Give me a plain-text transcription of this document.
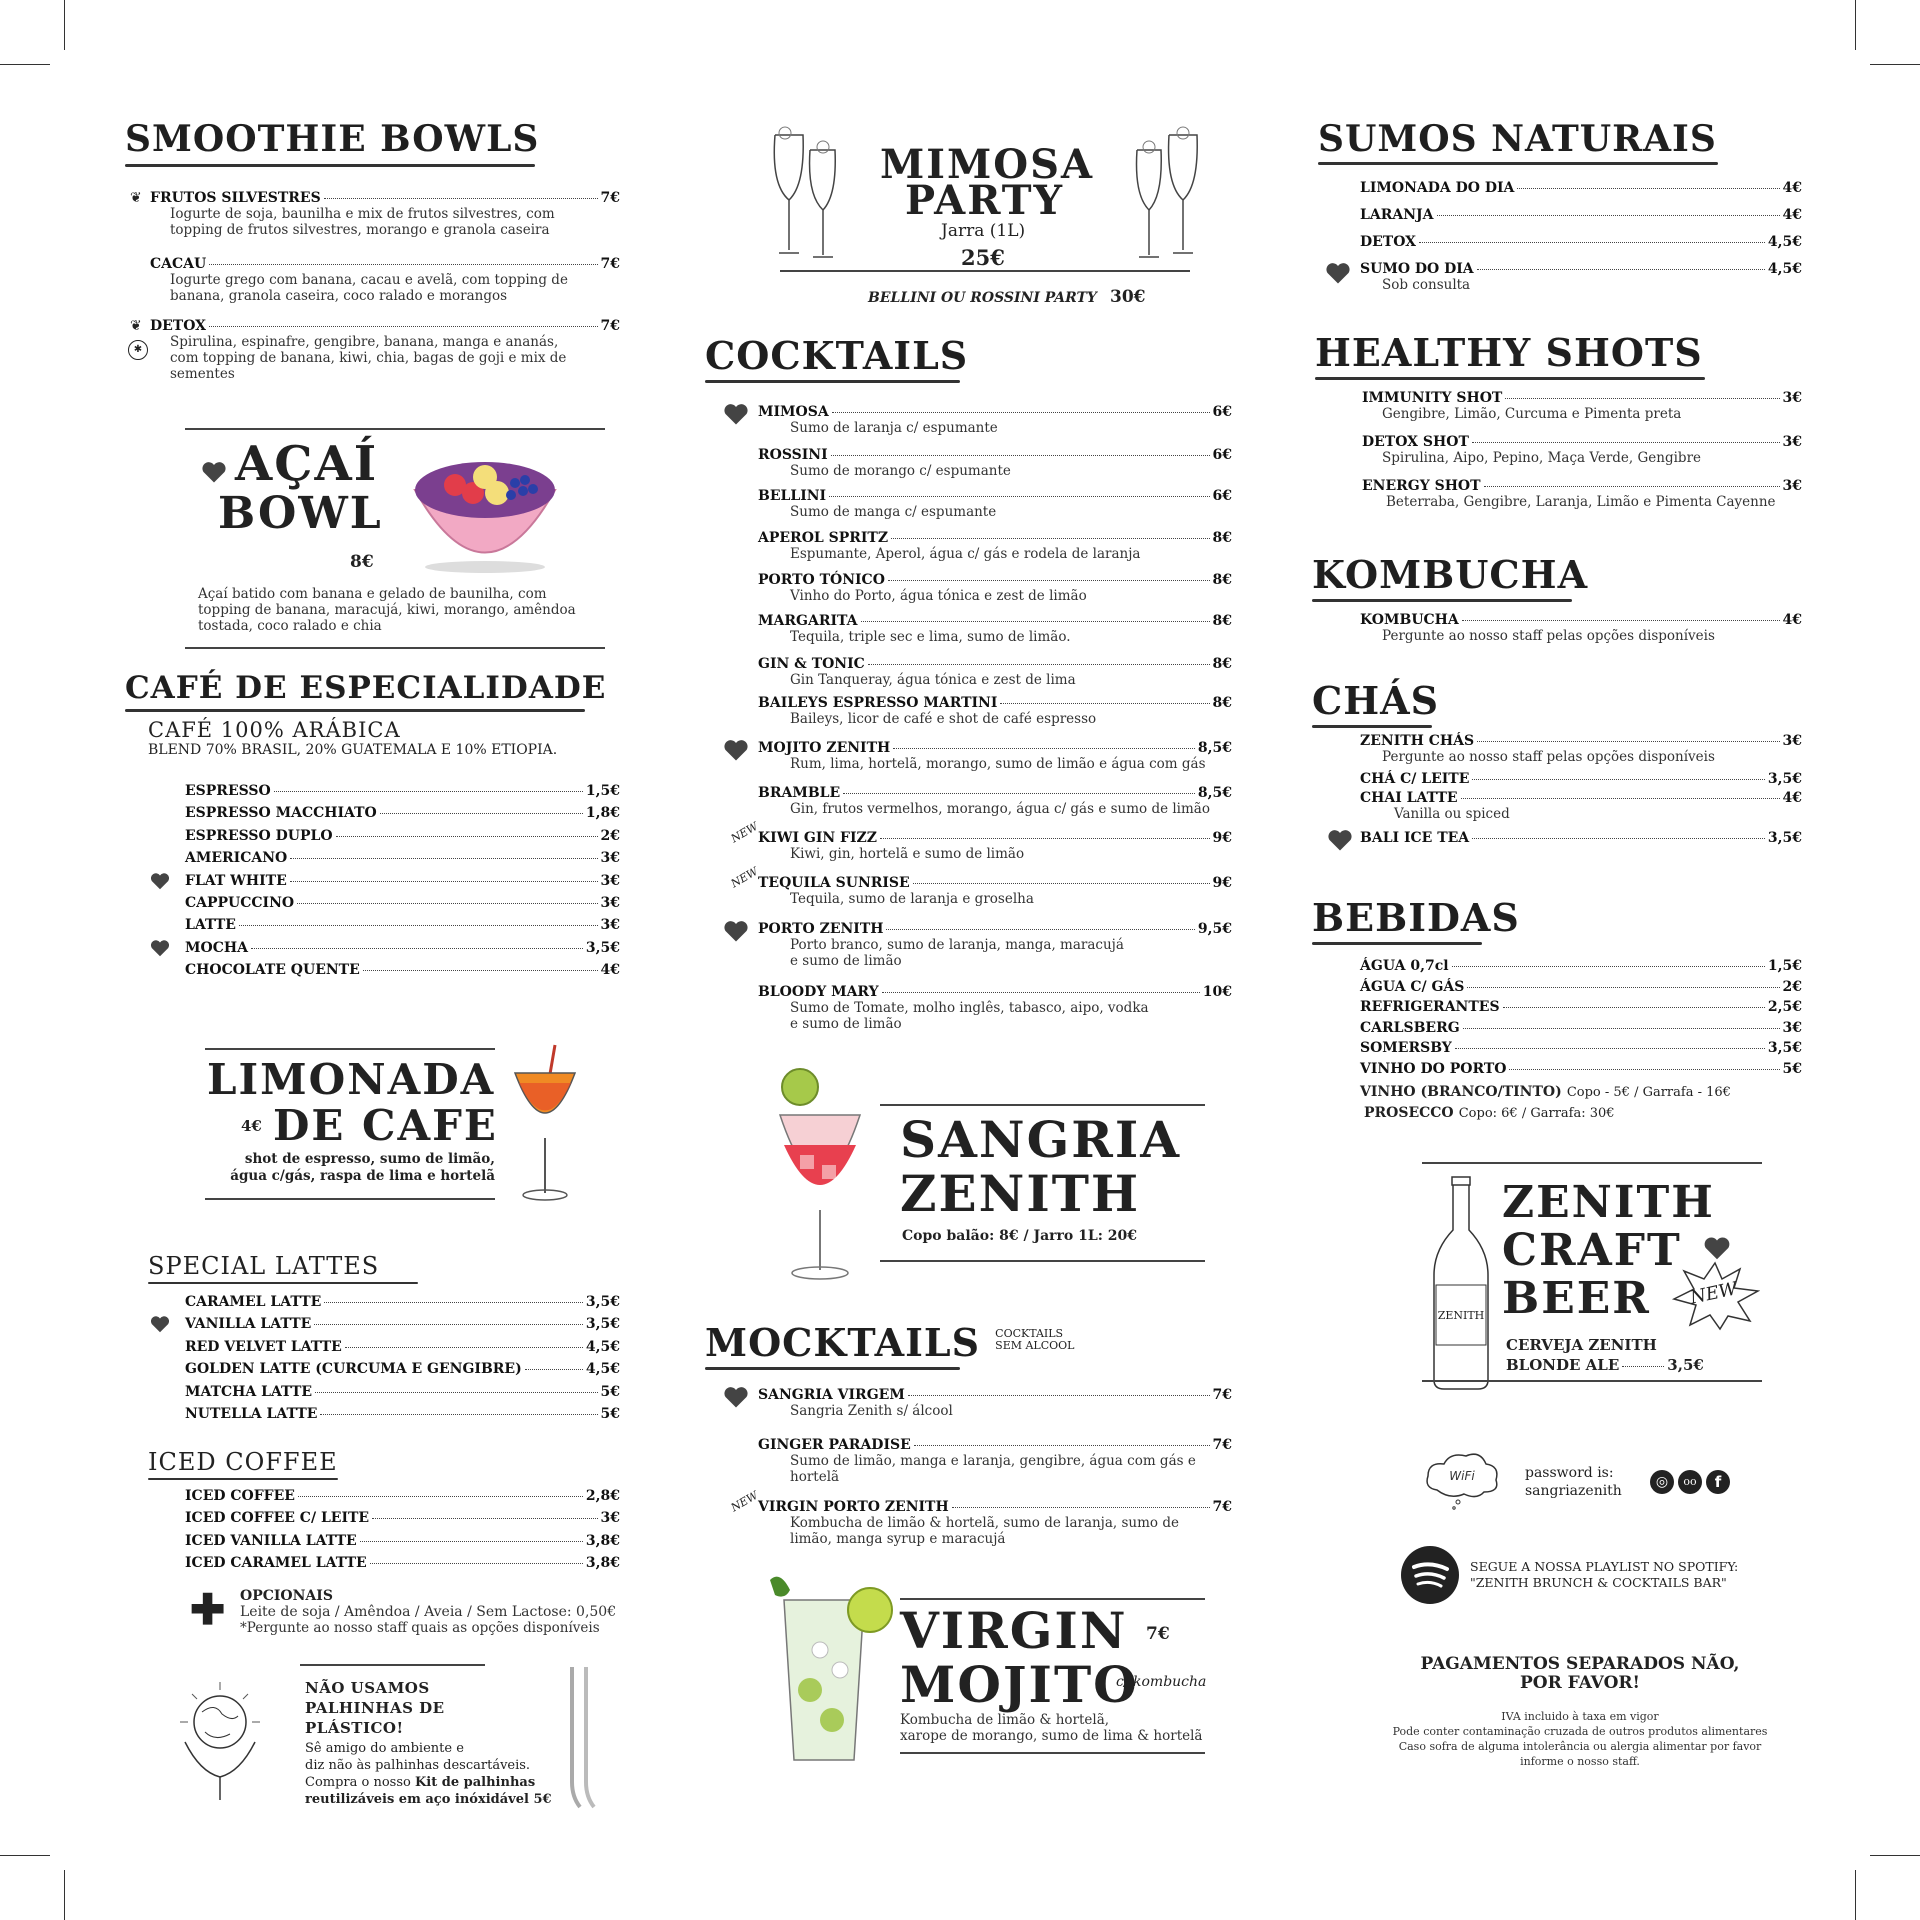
SMOOTHIE BOWLS
❦ FRUTOS SILVESTRES	7€
Iogurte de soja, baunilha e mix de frutos silvestres, com
topping de frutos silvestres, morango e granola caseira
CACAU	7€
Iogurte grego com banana, cacau e avelã, com topping de
banana, granola caseira, coco ralado e morangos
❦
✱
DETOX	7€
Spirulina, espinafre, gengibre, banana, manga e ananás,
com topping de banana, kiwi, chia, bagas de goji e mix de
sementes
AÇAÍ
BOWL
8€
Açaí batido com banana e gelado de baunilha, com
topping de banana, maracujá, kiwi, morango, amêndoa
tostada, coco ralado e chia
CAFÉ DE ESPECIALIDADE
CAFÉ 100% ARÁBICA
BLEND 70% BRASIL, 20% GUATEMALA E 10% ETIOPIA.
ESPRESSO	1,5€
ESPRESSO MACCHIATO	1,8€
ESPRESSO DUPLO	2€
AMERICANO	3€
FLAT WHITE	3€
CAPPUCCINO	3€
LATTE	3€
MOCHA	3,5€
CHOCOLATE QUENTE	4€
LIMONADA
4€ DE CAFE
shot de espresso, sumo de limão,
água c/gás, raspa de lima e hortelã
SPECIAL LATTES
CARAMEL LATTE	3,5€
VANILLA LATTE	3,5€
RED VELVET LATTE	4,5€
GOLDEN LATTE (CURCUMA E GENGIBRE)	4,5€
MATCHA LATTE	5€
NUTELLA LATTE	5€
ICED COFFEE
ICED COFFEE	2,8€
ICED COFFEE C/ LEITE	3€
ICED VANILLA LATTE	3,8€
ICED CARAMEL LATTE	3,8€
✚ OPCIONAIS
Leite de soja / Amêndoa / Aveia / Sem Lactose: 0,50€
*Pergunte ao nosso staff quais as opções disponíveis
NÃO USAMOS
PALHINHAS DE
PLÁSTICO!
Sê amigo do ambiente e
diz não às palhinhas descartáveis.
Compra o nosso Kit de palhinhas
reutilizáveis em aço inóxidável 5€
MIMOSA
PARTY
Jarra (1L)
25€
BELLINI OU ROSSINI PARTY 30€
COCKTAILS
MIMOSA	6€
Sumo de laranja c/ espumante
ROSSINI	6€
Sumo de morango c/ espumante
BELLINI	6€
Sumo de manga c/ espumante
APEROL SPRITZ	8€
Espumante, Aperol, água c/ gás e rodela de laranja
PORTO TÓNICO	8€
Vinho do Porto, água tónica e zest de limão
MARGARITA	8€
Tequila, triple sec e lima, sumo de limão.
GIN & TONIC	8€
Gin Tanqueray, água tónica e zest de lima
BAILEYS ESPRESSO MARTINI	8€
Baileys, licor de café e shot de café espresso
MOJITO ZENITH	8,5€
Rum, lima, hortelã, morango, sumo de limão e água com gás
BRAMBLE	8,5€
Gin, frutos vermelhos, morango, água c/ gás e sumo de limão
NEW
KIWI GIN FIZZ	9€
Kiwi, gin, hortelã e sumo de limão
NEW
TEQUILA SUNRISE	9€
Tequila, sumo de laranja e groselha
PORTO ZENITH	9,5€
Porto branco, sumo de laranja, manga, maracujá
e sumo de limão
BLOODY MARY	10€
Sumo de Tomate, molho inglês, tabasco, aipo, vodka
e sumo de limão
SANGRIA
ZENITH
Copo balão: 8€ / Jarro 1L: 20€
MOCKTAILS COCKTAILS
SEM ALCOOL
SANGRIA VIRGEM	7€
Sangria Zenith s/ álcool
GINGER PARADISE	7€
Sumo de limão, manga e laranja, gengibre, água com gás e
hortelã
NEW
VIRGIN PORTO ZENITH	7€
Kombucha de limão & hortelã, sumo de laranja, sumo de
limão, manga syrup e maracujá
VIRGIN 7€
MOJITO
c/ kombucha
Kombucha de limão & hortelã,
xarope de morango, sumo de lima & hortelã
SUMOS NATURAIS
LIMONADA DO DIA	4€
LARANJA	4€
DETOX	4,5€
SUMO DO DIA	4,5€
Sob consulta
HEALTHY SHOTS
IMMUNITY SHOT	3€
Gengibre, Limão, Curcuma e Pimenta preta
DETOX SHOT	3€
Spirulina, Aipo, Pepino, Maça Verde, Gengibre
ENERGY SHOT	3€
Beterraba, Gengibre, Laranja, Limão e Pimenta Cayenne
KOMBUCHA
KOMBUCHA	4€
Pergunte ao nosso staff pelas opções disponíveis
CHÁS
ZENITH CHÁS	3€
Pergunte ao nosso staff pelas opções disponíveis
CHÁ C/ LEITE	3,5€
CHAI LATTE	4€
Vanilla ou spiced
BALI ICE TEA	3,5€
BEBIDAS
ÁGUA 0,7cl	1,5€
ÁGUA C/ GÁS	2€
REFRIGERANTES	2,5€
CARLSBERG	3€
SOMERSBY	3,5€
VINHO DO PORTO	5€
VINHO (BRANCO/TINTO) Copo - 5€ / Garrafa - 16€
PROSECCO Copo: 6€ / Garrafa: 30€
ZENITH
ZENITH
CRAFT
BEER NEW
CERVEJA ZENITH
BLONDE ALE	3,5€
WiFi	password is:
sangriazenith
◎	oo	f
SEGUE A NOSSA PLAYLIST NO SPOTIFY:
"ZENITH BRUNCH & COCKTAILS BAR"
PAGAMENTOS SEPARADOS NÃO,
POR FAVOR!
IVA incluido à taxa em vigor
Pode conter contaminação cruzada de outros produtos alimentares
Caso sofra de alguma intolerância ou alergia alimentar por favor
informe o nosso staff.
